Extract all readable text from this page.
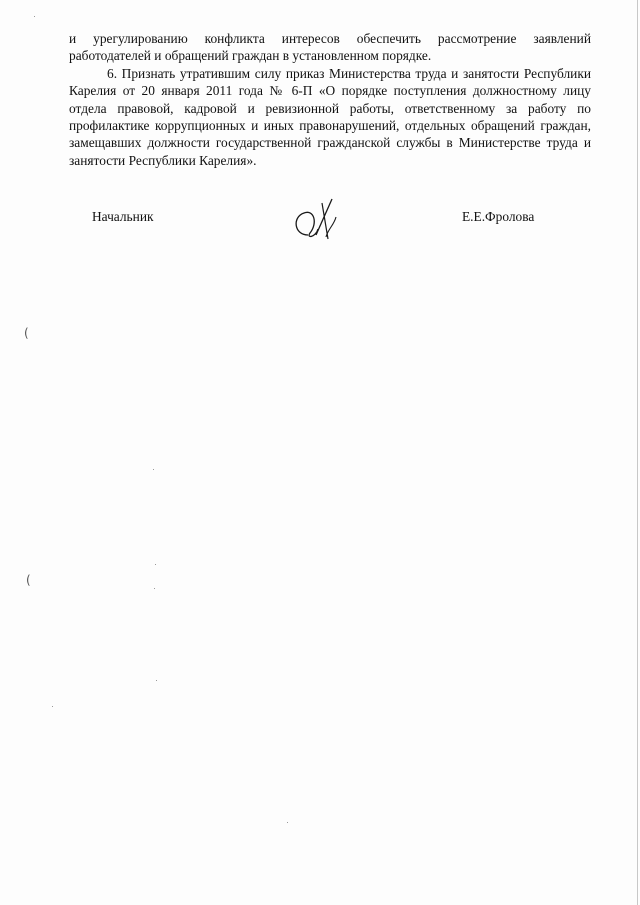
и урегулированию конфликта интересов обеспечить рассмотрение заявлений работодателей и обращений граждан в установленном порядке.

6. Признать утратившим силу приказ Министерства труда и занятости Республики Карелия от 20 января 2011 года № 6-П «О порядке поступления должностному лицу отдела правовой, кадровой и ревизионной работы, ответственному за работу по профилактике коррупционных и иных правонарушений, отдельных обращений граждан, замещавших должности государственной гражданской службы в Министерстве труда и занятости Республики Карелия».

Начальник	Е.Е.Фролова
(
(
